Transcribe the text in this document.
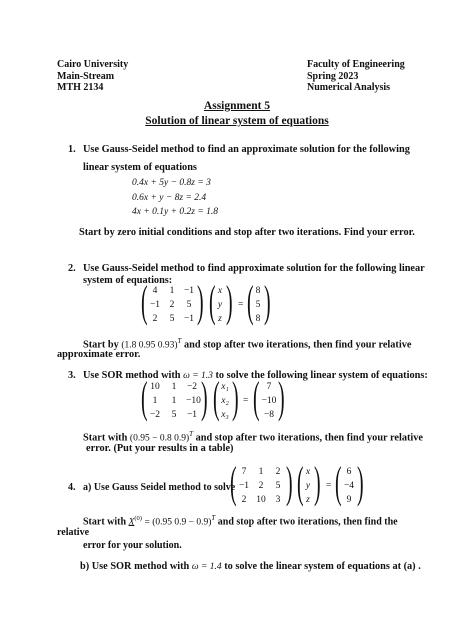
Cairo University
Main-Stream
MTH 2134
Faculty of Engineering
Spring 2023
Numerical Analysis
Assignment 5
Solution of linear system of equations
1. Use Gauss-Seidel method to find an approximate solution for the following
linear system of equations
0.4x + 5y − 0.8z = 3
0.6x + y − 8z = 2.4
4x + 0.1y + 0.2z = 1.8
Start by zero initial conditions and stop after two iterations. Find your error.
2. Use Gauss-Seidel method to find approximate solution for the following linear
system of equations:
( 4	1	−1
−1	2	5
2	5	−1 ) ( x
y
z ) = ( 8
5
8 )
Start by (1.8 0.95 0.93)$^T$ and stop after two iterations, then find your relative
approximate error.
3. Use SOR method with ω = 1.3 to solve the following linear system of equations:
( 10	1	−2
1	1	−10
−2	5	−1 ) ( x₁
x₂
x₃ ) = ( 7
−10
−8 )
Start with (0.95 − 0.8 0.9)$^T$ and stop after two iterations, then find your relative
error. (Put your results in a table)
4. a) Use Gauss Seidel method to solve
( 7	1	2
−1	2	5
2	10	3 ) ( x
y
z ) = ( 6
−4
9 )
Start with $X^{(0)} = (0.95$ 0.9 − 0.9)$^T$ and stop after two iterations, then find the
relative
error for your solution.
b) Use SOR method with ω = 1.4 to solve the linear system of equations at (a) .
